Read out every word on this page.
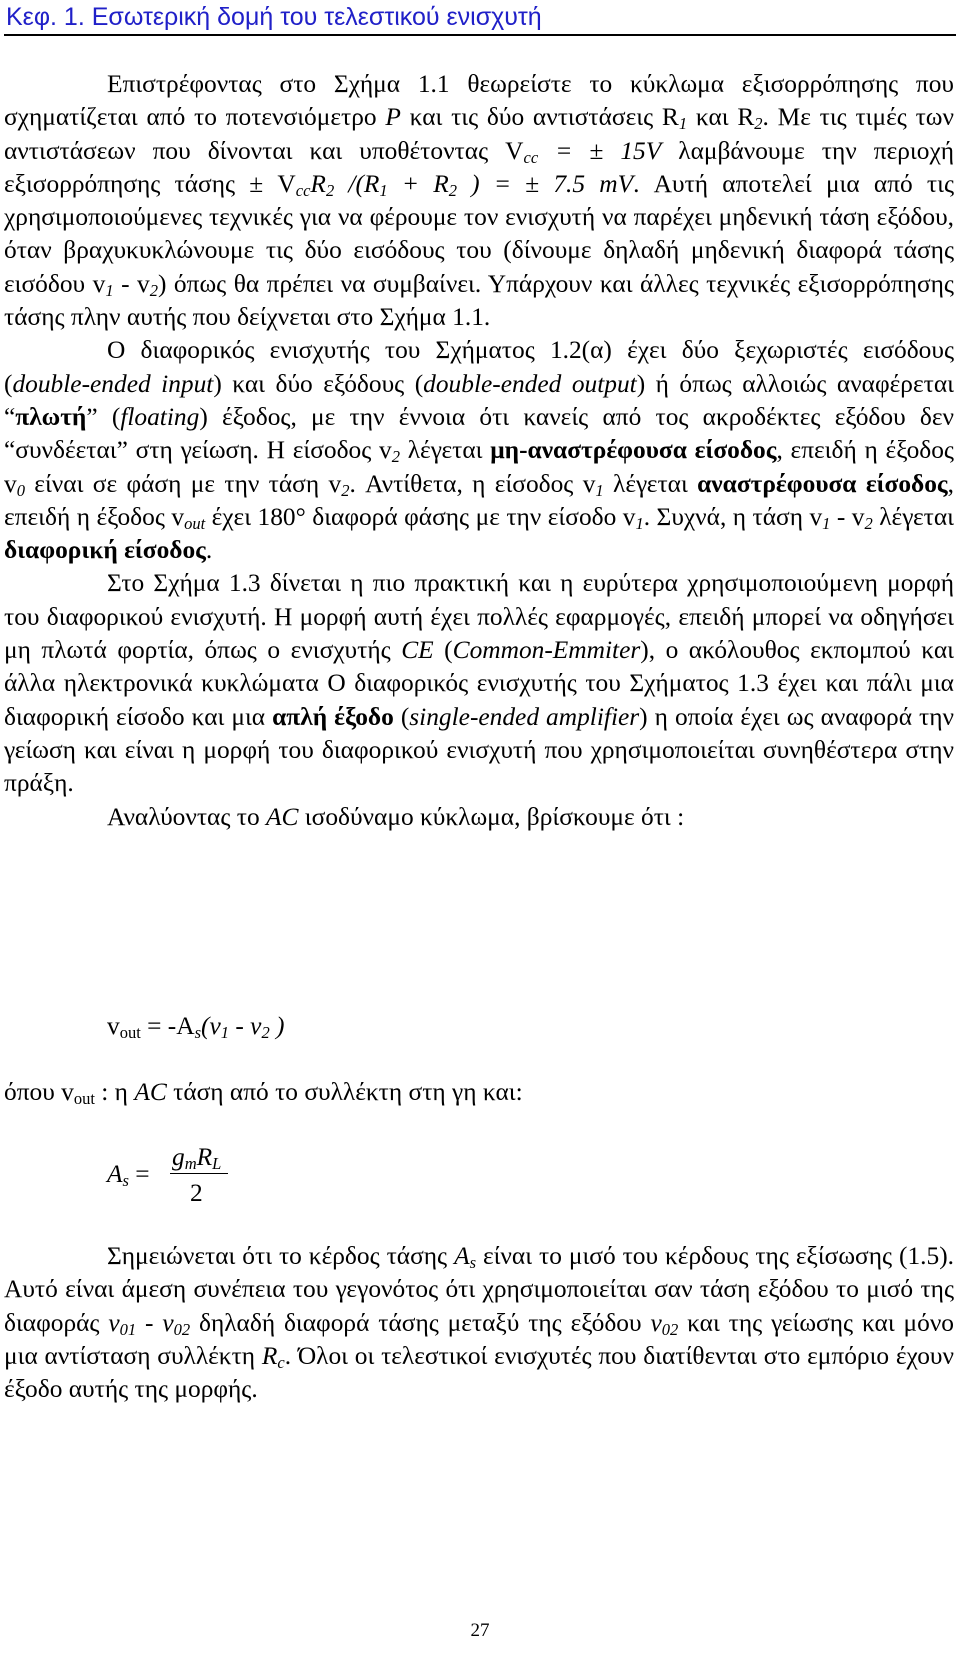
Κεφ. 1. Εσωτερική δομή του τελεστικού ενισχυτή

Επιστρέφοντας στο Σχήμα 1.1 θεωρείστε το κύκλωμα εξισορρόπησης που σχηματίζεται από το ποτενσιόμετρο P και τις δύο αντιστάσεις $R_1$ και $R_2$. Με τις τιμές των αντιστάσεων που δίνονται και υποθέτοντας $V_{cc}$ = ± 15V λαμβάνουμε την περιοχή εξισορρόπησης $\tau ά\sigma\eta\varsigma \pm V_{cc}R_2$ $/(R_1 + R_2$ ) = ± 7.5 mV. Αυτή αποτελεί μια από τις χρησιμοποιούμενες τεχνικές για να φέρουμε τον ενισχυτή να παρέχει μηδενική τάση εξόδου, όταν βραχυκυκλώνουμε τις δύο εισόδους του (δίνουμε δηλαδή μηδενική διαφορά τάσης εισόδου $v_1 - v_2$) όπως θα πρέπει να συμβαίνει. Υπάρχουν και άλλες τεχνικές εξισορρόπησης τάσης πλην αυτής που δείχνεται στο Σχήμα 1.1.

Ο διαφορικός ενισχυτής του Σχήματος 1.2(α) έχει δύο ξεχωριστές εισόδους (double-ended input) και δύο εξόδους (double-ended output) ή όπως αλλοιώς αναφέρεται “πλωτή” (floating) έξοδος, με την έννοια ότι κανείς από τος ακροδέκτες εξόδου δεν “συνδέεται” στη γείωση. Η είσοδος $v_2$ λέγεται μη-αναστρέφουσα είσοδος, επειδή η έξοδος $v_0$ είναι σε φάση με την τάση $v_2$. Αντίθετα, η είσοδος $v_1$ λέγεται αναστρέφουσα είσοδος, επειδή η έξοδος $v_{out}$ έχει 180° διαφορά φάσης με την είσοδο $v_1$. Συχνά, η τάση $v_1 - v_2$ λέγεται διαφορική είσοδος.

Στο Σχήμα 1.3 δίνεται η πιο πρακτική και η ευρύτερα χρησιμοποιούμενη μορφή του διαφορικού ενισχυτή. Η μορφή αυτή έχει πολλές εφαρμογές, επειδή μπορεί να οδηγήσει μη πλωτά φορτία, όπως ο ενισχυτής CE (Common-Emmiter), ο ακόλουθος εκπομπού και άλλα ηλεκτρονικά κυκλώματα Ο διαφορικός ενισχυτής του Σχήματος 1.3 έχει και πάλι μια διαφορική είσοδο και μια απλή έξοδο (single-ended amplifier) η οποία έχει ως αναφορά την γείωση και είναι η μορφή του διαφορικού ενισχυτή που χρησιμοποιείται συνηθέστερα στην πράξη.

Αναλύοντας το AC ισοδύναμο κύκλωμα, βρίσκουμε ότι :

$v_{out} = -A_s(v_1 - v_2$ )
όπου $v_{out}$ : η AC τάση από το συλλέκτη στη γη και:
$A_s$ =
$g_mR_L$
2

Σημειώνεται ότι το κέρδος τάσης $A_s$ είναι το μισό του κέρδους της εξίσωσης (1.5). Αυτό είναι άμεση συνέπεια του γεγονότος ότι χρησιμοποιείται σαν τάση εξόδου το μισό της διαφοράς $v_{01} - v_{02}$ δηλαδή διαφορά τάσης μεταξύ της εξόδου $v_{02}$ και της γείωσης και μόνο μια αντίσταση συλλέκτη $R_c$. Όλοι οι τελεστικοί ενισχυτές που διατίθενται στο εμπόριο έχουν έξοδο αυτής της μορφής.

27
